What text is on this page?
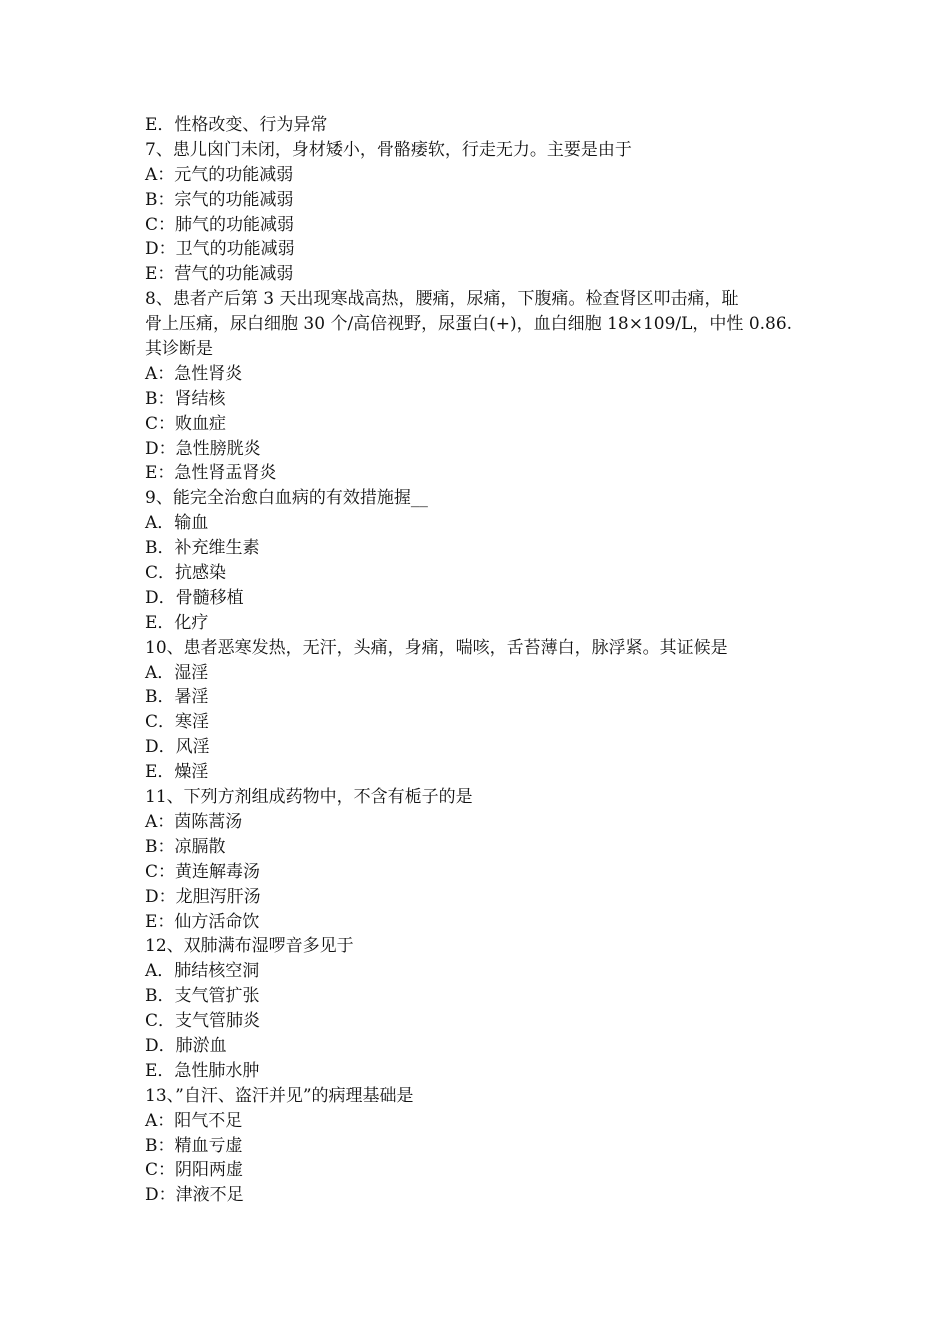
E．性格改变、行为异常
7、患儿囟门未闭，身材矮小，骨骼痿软，行走无力。主要是由于
A：元气的功能减弱
B：宗气的功能减弱
C：肺气的功能减弱
D：卫气的功能减弱
E：营气的功能减弱
8、患者产后第 3 天出现寒战高热，腰痛，尿痛，下腹痛。检查肾区叩击痛，耻
骨上压痛，尿白细胞 30 个/高倍视野，尿蛋白(+)，血白细胞 18×109/L，中性 0.86.
其诊断是
A：急性肾炎
B：肾结核
C：败血症
D：急性膀胱炎
E：急性肾盂肾炎
9、能完全治愈白血病的有效措施握__
A．输血
B．补充维生素
C．抗感染
D．骨髓移植
E．化疗
10、患者恶寒发热，无汗，头痛，身痛，喘咳，舌苔薄白，脉浮紧。其证候是
A．湿淫
B．暑淫
C．寒淫
D．风淫
E．燥淫
11、下列方剂组成药物中，不含有栀子的是
A：茵陈蒿汤
B：凉膈散
C：黄连解毒汤
D：龙胆泻肝汤
E：仙方活命饮
12、双肺满布湿啰音多见于
A．肺结核空洞
B．支气管扩张
C．支气管肺炎
D．肺淤血
E．急性肺水肿
13、”自汗、盗汗并见”的病理基础是
A：阳气不足
B：精血亏虚
C：阴阳两虚
D：津液不足
